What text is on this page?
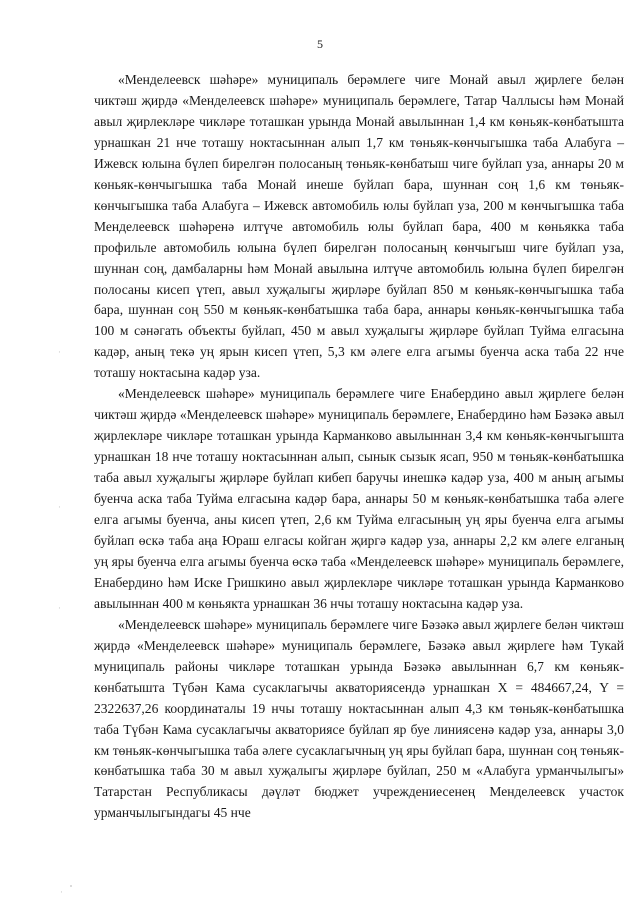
5

«Менделеевск шәһәре» муниципаль берәмлеге чиге Монай авыл җирлеге белән чиктәш җирдә «Менделеевск шәһәре» муниципаль берәмлеге, Татар Чаллысы һәм Монай авыл җирлекләре чикләре тоташкан урында Монай авылыннан 1,4 км көньяк-көнбатышта урнашкан 21 нче тоташу ноктасыннан алып 1,7 км төньяк-көнчыгышка таба Алабуга – Ижевск юлына бүлеп бирелгән полосаның төньяк-көнбатыш чиге буйлап уза, аннары 20 м көньяк-көнчыгышка таба Монай инеше буйлап бара, шуннан соң 1,6 км төньяк-көнчыгышка таба Алабуга – Ижевск автомобиль юлы буйлап уза, 200 м көнчыгышка таба Менделеевск шәһәренә илтүче автомобиль юлы буйлап бара, 400 м көньякка таба профильле автомобиль юлына бүлеп бирелгән полосаның көнчыгыш чиге буйлап уза, шуннан соң, дамбаларны һәм Монай авылына илтүче автомобиль юлына бүлеп бирелгән полосаны кисеп үтеп, авыл хуҗалыгы җирләре буйлап 850 м көньяк-көнчыгышка таба бара, шуннан соң 550 м көньяк-көнбатышка таба бара, аннары көньяк-көнчыгышка таба 100 м сәнәгать объекты буйлап, 450 м авыл хуҗалыгы җирләре буйлап Туйма елгасына кадәр, аның текә уң ярын кисеп үтеп, 5,3 км әлеге елга агымы буенча аска таба 22 нче тоташу ноктасына кадәр уза.

«Менделеевск шәһәре» муниципаль берәмлеге чиге Енабердино авыл җирлеге белән чиктәш җирдә «Менделеевск шәһәре» муниципаль берәмлеге, Енабердино һәм Бәзәкә авыл җирлекләре чикләре тоташкан урында Карманково авылыннан 3,4 км көньяк-көнчыгышта урнашкан 18 нче тоташу ноктасыннан алып, сынык сызык ясап, 950 м төньяк-көнбатышка таба авыл хуҗалыгы җирләре буйлап кибеп баручы инешкә кадәр уза, 400 м аның агымы буенча аска таба Туйма елгасына кадәр бара, аннары 50 м көньяк-көнбатышка таба әлеге елга агымы буенча, аны кисеп үтеп, 2,6 км Туйма елгасының уң яры буенча елга агымы буйлап өскә таба аңа Юраш елгасы койган җиргә кадәр уза, аннары 2,2 км әлеге елганың уң яры буенча елга агымы буенча өскә таба «Менделеевск шәһәре» муниципаль берәмлеге, Енабердино һәм Иске Гришкино авыл җирлекләре чикләре тоташкан урында Карманково авылыннан 400 м көньякта урнашкан 36 нчы тоташу ноктасына кадәр уза.

«Менделеевск шәһәре» муниципаль берәмлеге чиге Бәзәкә авыл җирлеге белән чиктәш җирдә «Менделеевск шәһәре» муниципаль берәмлеге, Бәзәкә авыл җирлеге һәм Тукай муниципаль районы чикләре тоташкан урында Бәзәкә авылыннан 6,7 км көньяк-көнбатышта Түбән Кама сусаклагычы акваториясендә урнашкан X = 484667,24, Y = 2322637,26 координаталы 19 нчы тоташу ноктасыннан алып 4,3 км төньяк-көнбатышка таба Түбән Кама сусаклагычы акваториясе буйлап яр буе линиясенә кадәр уза, аннары 3,0 км төньяк-көнчыгышка таба әлеге сусаклагычның уң яры буйлап бара, шуннан соң төньяк-көнбатышка таба 30 м авыл хуҗалыгы җирләре буйлап, 250 м «Алабуга урманчылыгы» Татарстан Республикасы дәүләт бюджет учреждениесенең Менделеевск участок урманчылыгындагы 45 нче

·
·
·
·
